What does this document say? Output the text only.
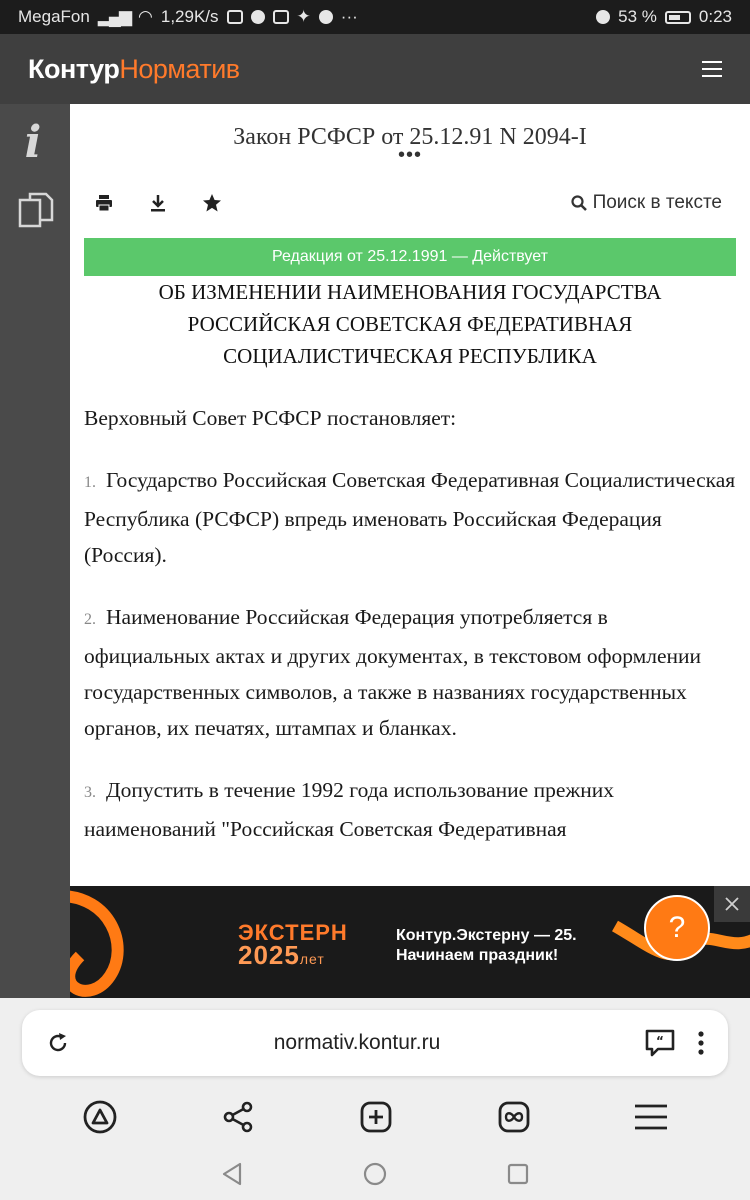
MegaFon ▂▄▆ ◠ 1,29K/s	✦ ···	53 % 0:23
КонтурНорматив
i	Закон РСФСР от 25.12.91 N 2094-I
•••
Поиск в тексте
Редакция от 25.12.1991 — Действует
ОБ ИЗМЕНЕНИИ НАИМЕНОВАНИЯ ГОСУДАРСТВА
РОССИЙСКАЯ СОВЕТСКАЯ ФЕДЕРАТИВНАЯ
СОЦИАЛИСТИЧЕСКАЯ РЕСПУБЛИКА

Верховный Совет РСФСР постановляет:

1. Государство Российская Советская Федеративная Социалистическая Республика (РСФСР) впредь именовать Российская Федерация (Россия).

2. Наименование Российская Федерация употребляется в официальных актах и других документах, в текстовом оформлении государственных символов, а также в названиях государственных органов, их печатях, штампах и бланках.

3. Допустить в течение 1992 года использование прежних наименований "Российская Советская Федеративная

ЭКСТЕРН
2025лет
Контур.Экстерну — 25.
Начинаем праздник!
?
normativ.kontur.ru	“
